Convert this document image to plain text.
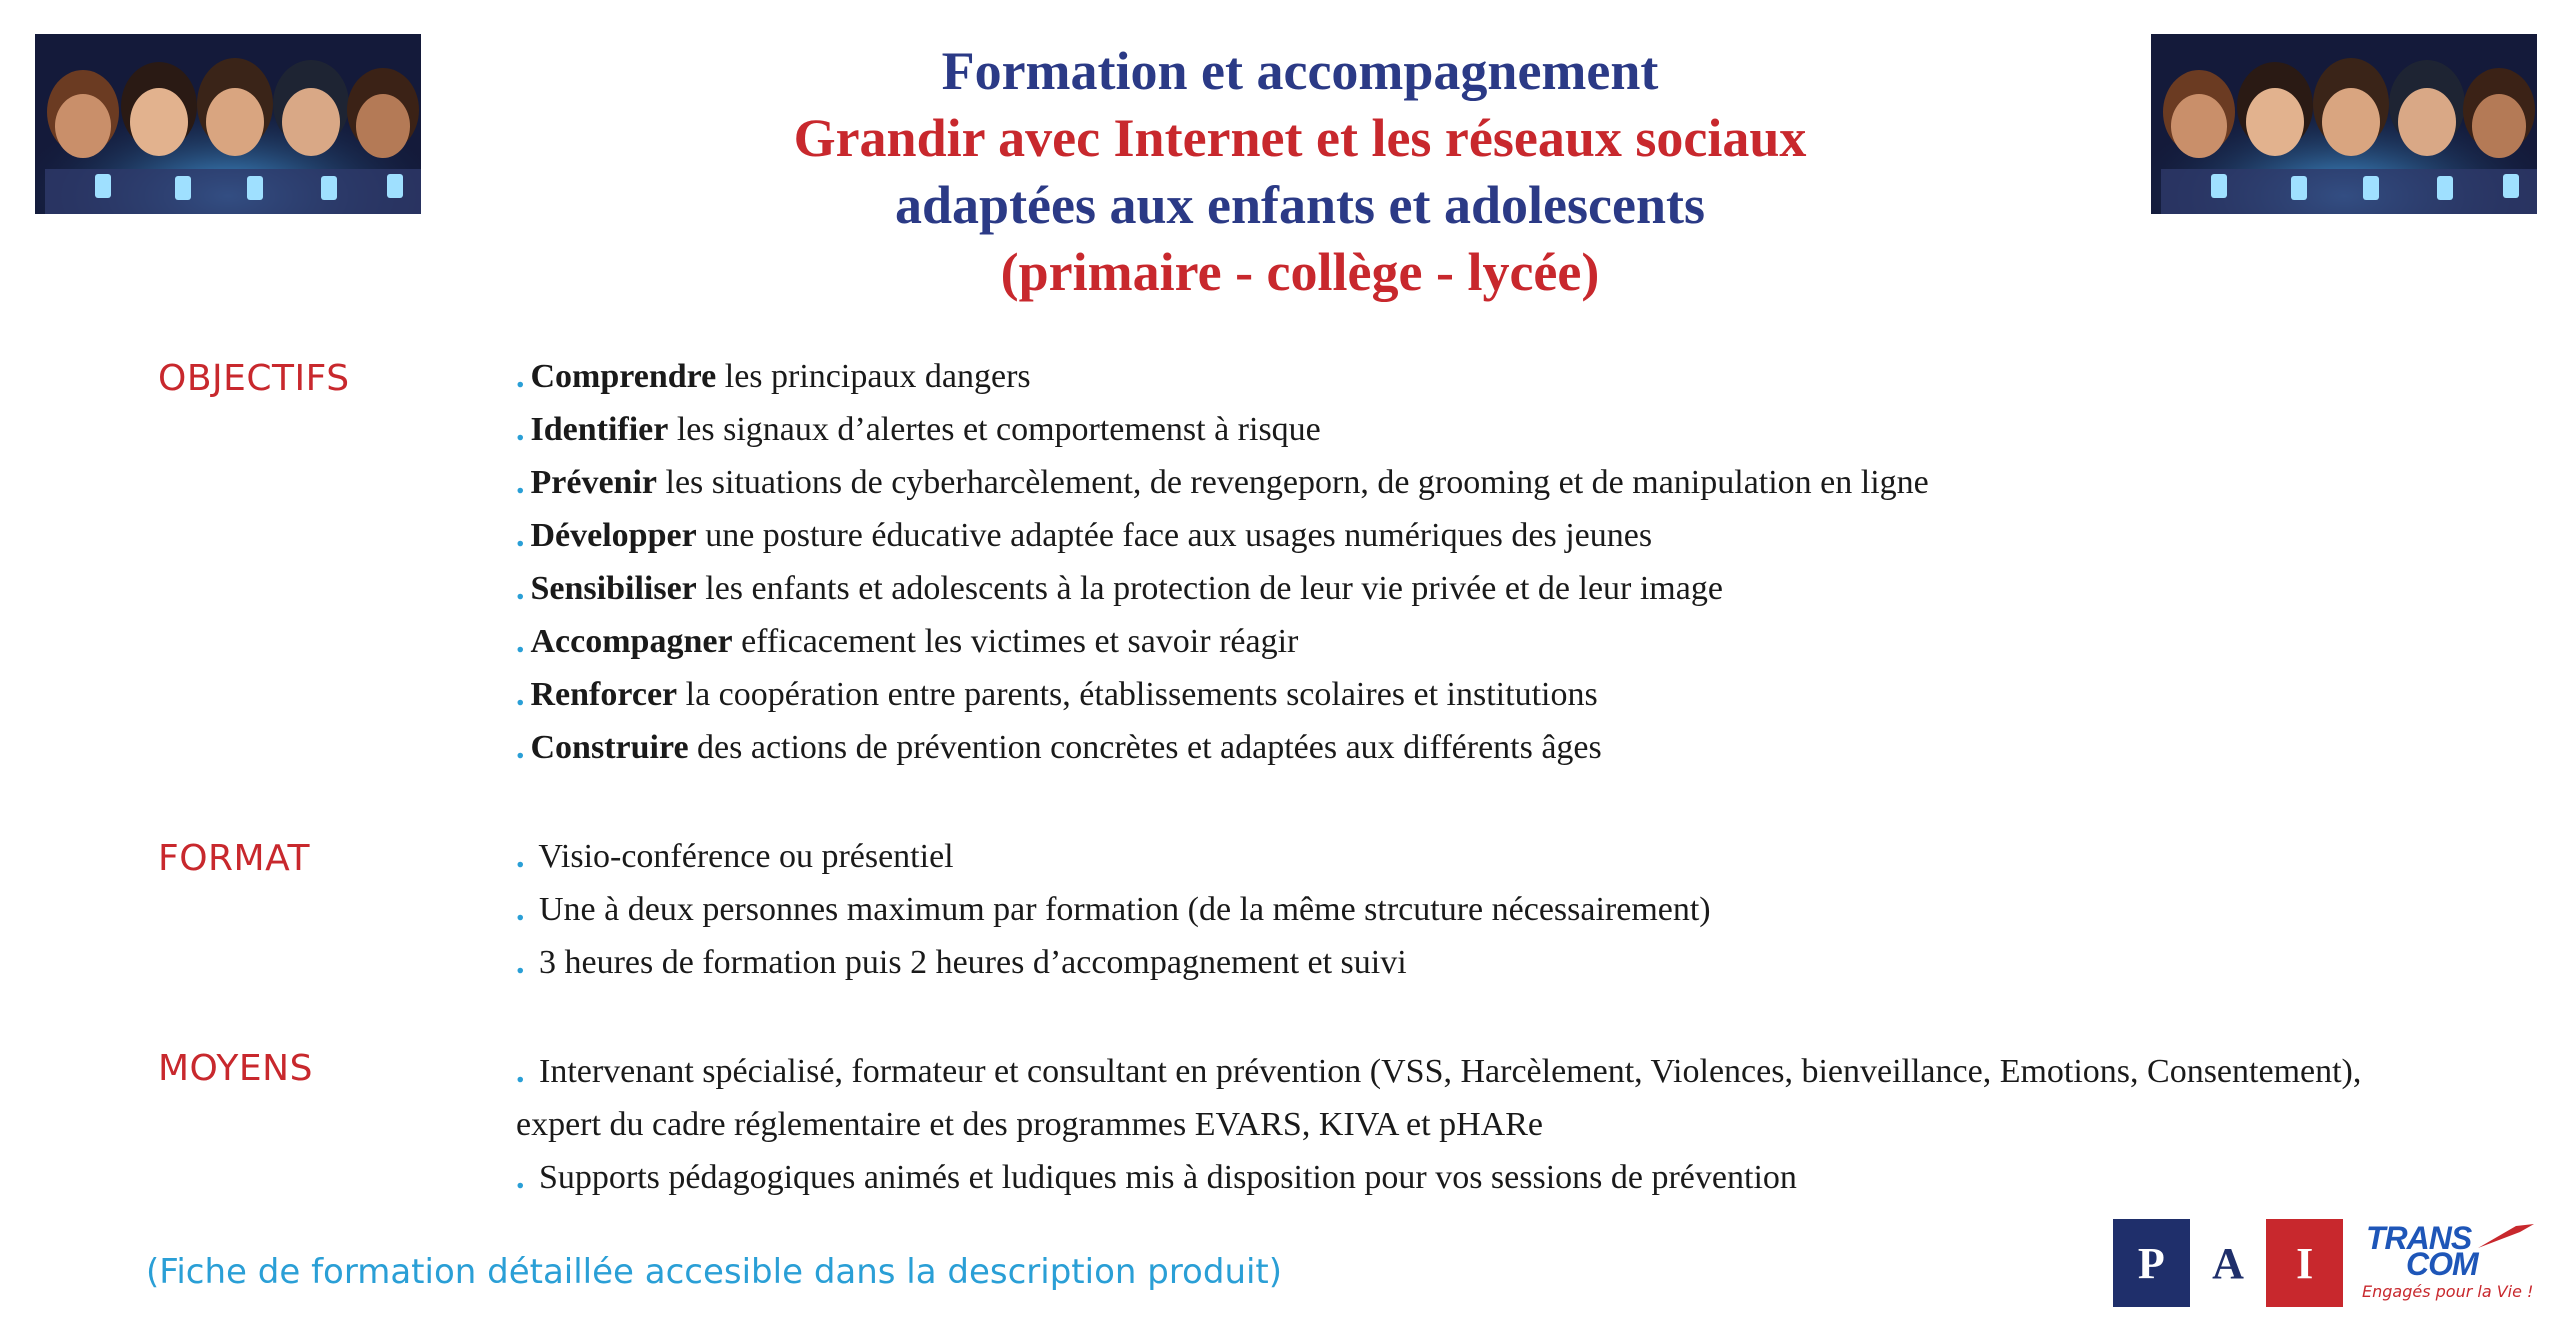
Formation et accompagnement
Grandir avec Internet et les réseaux sociaux
adaptées aux enfants et adolescents
(primaire - collège - lycée)
OBJECTIFS	. Comprendre les principaux dangers
. Identifier les signaux d’alertes et comportemenst à risque
. Prévenir les situations de cyberharcèlement, de revengeporn, de grooming et de manipulation en ligne
. Développer une posture éducative adaptée face aux usages numériques des jeunes
. Sensibiliser les enfants et adolescents à la protection de leur vie privée et de leur image
. Accompagner efficacement les victimes et savoir réagir
. Renforcer la coopération entre parents, établissements scolaires et institutions
. Construire des actions de prévention concrètes et adaptées aux différents âges
FORMAT	. Visio-conférence ou présentiel
. Une à deux personnes maximum par formation (de la même strcuture nécessairement)
. 3 heures de formation puis 2 heures d’accompagnement et suivi
MOYENS	. Intervenant spécialisé, formateur et consultant en prévention (VSS, Harcèlement, Violences, bienveillance, Emotions, Consentement), expert du cadre réglementaire et des programmes EVARS, KIVA et pHARe
. Supports pédagogiques animés et ludiques mis à disposition pour vos sessions de prévention
(Fiche de formation détaillée accesible dans la description produit)	P	A	I
TRANS
COM
Engagés pour la Vie !
